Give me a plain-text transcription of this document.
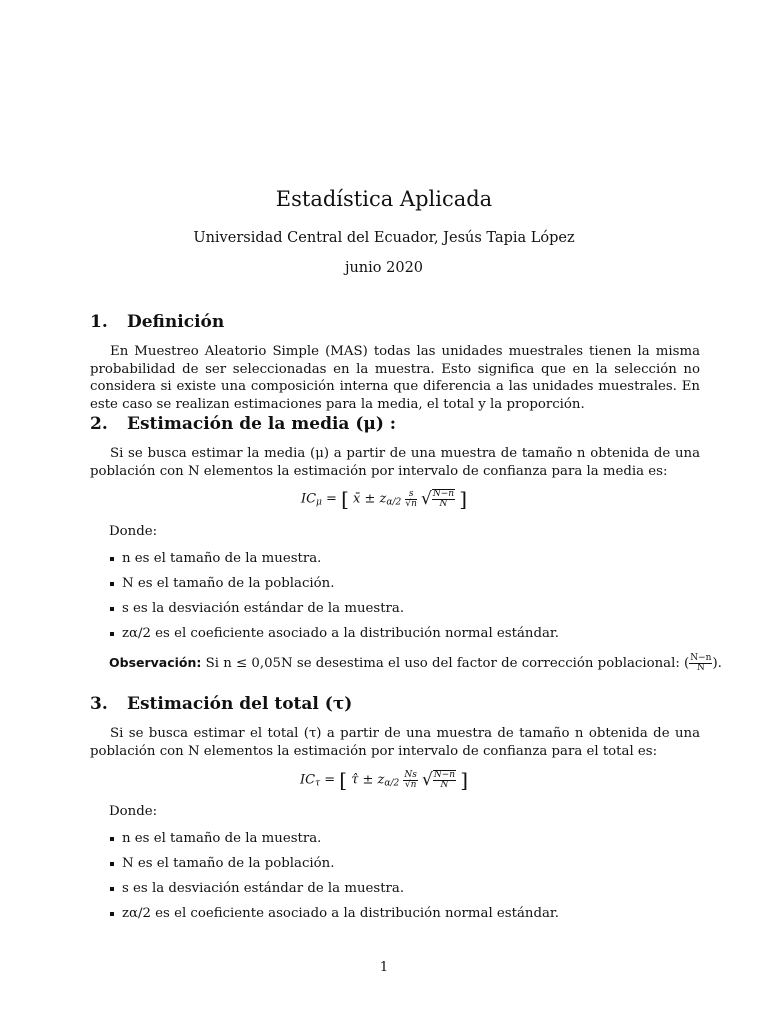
Estadística Aplicada
Universidad Central del Ecuador, Jesús Tapia López
junio 2020
1. Definición

En Muestreo Aleatorio Simple (MAS) todas las unidades muestrales tienen la misma probabilidad de ser seleccionadas en la muestra. Esto significa que en la selección no considera si existe una composición interna que diferencia a las unidades muestrales. En este caso se realizan estimaciones para la media, el total y la proporción.

2. Estimación de la media (μ) :

Si se busca estimar la media (μ) a partir de una muestra de tamaño n obtenida de una población con N elementos la estimación por intervalo de confianza para la media es:

$IC_\mu$ = [ x̄ ± $z_{\alpha/2} \frac{s}{√n}$ √ $\frac{N-n}{N}$ ]

Donde:

n es el tamaño de la muestra.
N es el tamaño de la población.
s es la desviación estándar de la muestra.
zα/2 es el coeficiente asociado a la distribución normal estándar.

Observación: Si n ≤ 0,05N se desestima el uso del factor de corrección poblacional: ( $\frac{N-n}{N}$ ).

3. Estimación del total (τ)

Si se busca estimar el total (τ) a partir de una muestra de tamaño n obtenida de una población con N elementos la estimación por intervalo de confianza para el total es:

$IC_\tau$ = [ τ̂ ± $z_{\alpha/2} \frac{Ns}{√n}$ √ $\frac{N-n}{N}$ ]

Donde:

n es el tamaño de la muestra.
N es el tamaño de la población.
s es la desviación estándar de la muestra.
zα/2 es el coeficiente asociado a la distribución normal estándar.
1
